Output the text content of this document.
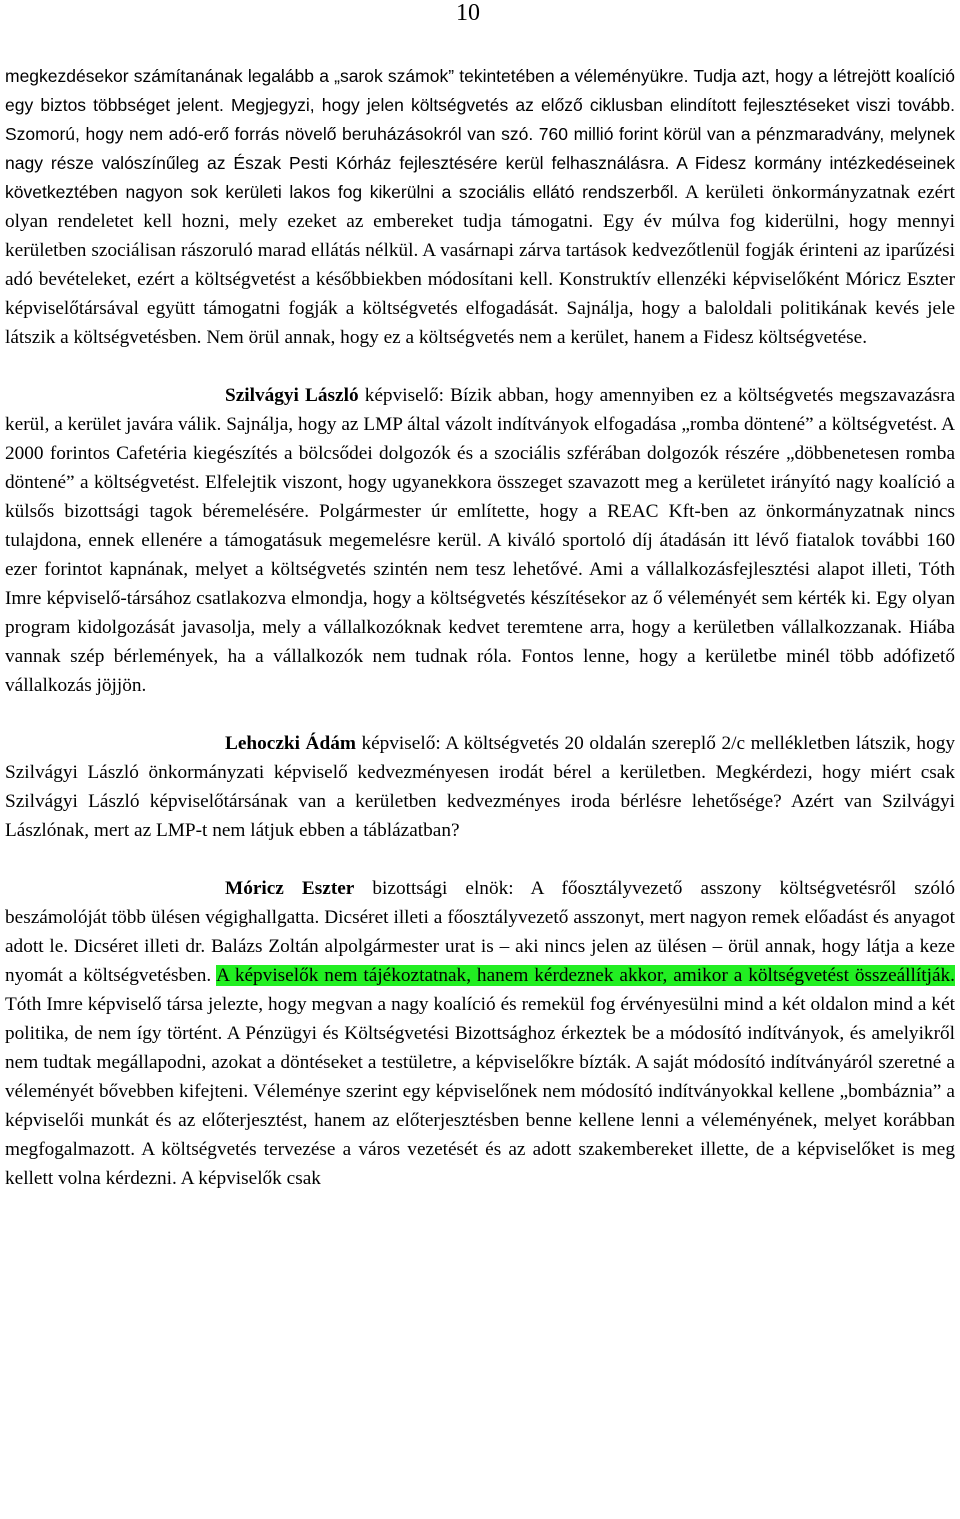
10

megkezdésekor számítanának legalább a „sarok számok” tekintetében a véleményükre. Tudja azt, hogy a létrejött koalíció egy biztos többséget jelent. Megjegyzi, hogy jelen költségvetés az előző ciklusban elindított fejlesztéseket viszi tovább. Szomorú, hogy nem adó-erő forrás növelő beruházásokról van szó. 760 millió forint körül van a pénzmaradvány, melynek nagy része valószínűleg az Észak Pesti Kórház fejlesztésére kerül felhasználásra. A Fidesz kormány intézkedéseinek következtében nagyon sok kerületi lakos fog kikerülni a szociális ellátó rendszerből. A kerületi önkormányzatnak ezért olyan rendeletet kell hozni, mely ezeket az embereket tudja támogatni. Egy év múlva fog kiderülni, hogy mennyi kerületben szociálisan rászoruló marad ellátás nélkül. A vasárnapi zárva tartások kedvezőtlenül fogják érinteni az iparűzési adó bevételeket, ezért a költségvetést a későbbiekben módosítani kell. Konstruktív ellenzéki képviselőként Móricz Eszter képviselőtársával együtt támogatni fogják a költségvetés elfogadását. Sajnálja, hogy a baloldali politikának kevés jele látszik a költségvetésben. Nem örül annak, hogy ez a költségvetés nem a kerület, hanem a Fidesz költségvetése.

Szilvágyi László képviselő: Bízik abban, hogy amennyiben ez a költségvetés megszavazásra kerül, a kerület javára válik. Sajnálja, hogy az LMP által vázolt indítványok elfogadása „romba döntené” a költségvetést. A 2000 forintos Cafetéria kiegészítés a bölcsődei dolgozók és a szociális szférában dolgozók részére „döbbenetesen romba döntené” a költségvetést. Elfelejtik viszont, hogy ugyanekkora összeget szavazott meg a kerületet irányító nagy koalíció a külsős bizottsági tagok béremelésére. Polgármester úr említette, hogy a REAC Kft-ben az önkormányzatnak nincs tulajdona, ennek ellenére a támogatásuk megemelésre kerül. A kiváló sportoló díj átadásán itt lévő fiatalok további 160 ezer forintot kapnának, melyet a költségvetés szintén nem tesz lehetővé. Ami a vállalkozásfejlesztési alapot illeti, Tóth Imre képviselő-társához csatlakozva elmondja, hogy a költségvetés készítésekor az ő véleményét sem kérték ki. Egy olyan program kidolgozását javasolja, mely a vállalkozóknak kedvet teremtene arra, hogy a kerületben vállalkozzanak. Hiába vannak szép bérlemények, ha a vállalkozók nem tudnak róla. Fontos lenne, hogy a kerületbe minél több adófizető vállalkozás jöjjön.

Lehoczki Ádám képviselő: A költségvetés 20 oldalán szereplő 2/c mellékletben látszik, hogy Szilvágyi László önkormányzati képviselő kedvezményesen irodát bérel a kerületben. Megkérdezi, hogy miért csak Szilvágyi László képviselőtársának van a kerületben kedvezményes iroda bérlésre lehetősége? Azért van Szilvágyi Lászlónak, mert az LMP-t nem látjuk ebben a táblázatban?

Móricz Eszter bizottsági elnök: A főosztályvezető asszony költségvetésről szóló beszámolóját több ülésen végighallgatta. Dicséret illeti a főosztályvezető asszonyt, mert nagyon remek előadást és anyagot adott le. Dicséret illeti dr. Balázs Zoltán alpolgármester urat is – aki nincs jelen az ülésen – örül annak, hogy látja a keze nyomát a költségvetésben. A képviselők nem tájékoztatnak, hanem kérdeznek akkor, amikor a költségvetést összeállítják. Tóth Imre képviselő társa jelezte, hogy megvan a nagy koalíció és remekül fog érvényesülni mind a két oldalon mind a két politika, de nem így történt. A Pénzügyi és Költségvetési Bizottsághoz érkeztek be a módosító indítványok, és amelyikről nem tudtak megállapodni, azokat a döntéseket a testületre, a képviselőkre bízták. A saját módosító indítványáról szeretné a véleményét bővebben kifejteni. Véleménye szerint egy képviselőnek nem módosító indítványokkal kellene „bombáznia” a képviselői munkát és az előterjesztést, hanem az előterjesztésben benne kellene lenni a véleményének, melyet korábban megfogalmazott. A költségvetés tervezése a város vezetését és az adott szakembereket illette, de a képviselőket is meg kellett volna kérdezni. A képviselők csak
